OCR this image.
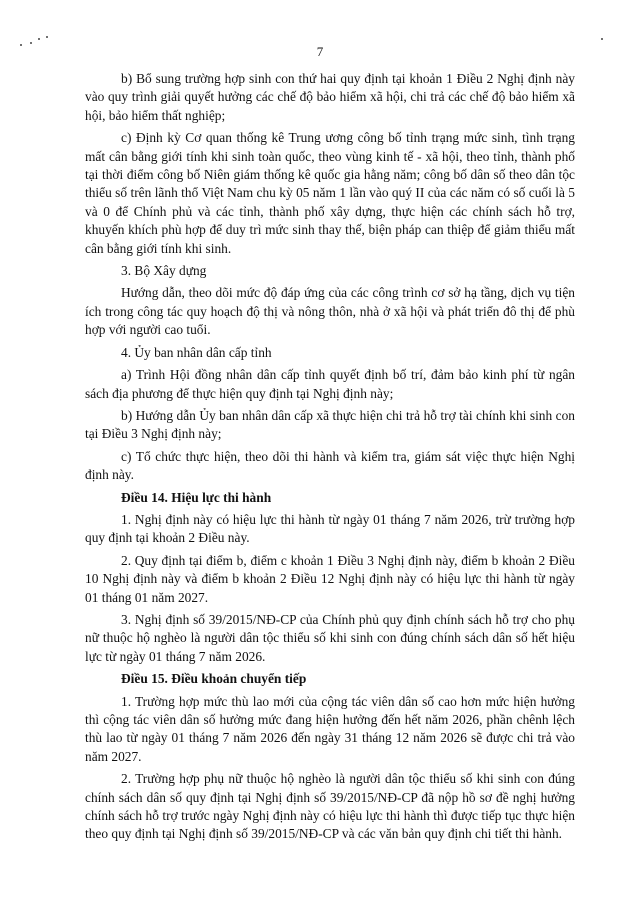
7

b) Bổ sung trường hợp sinh con thứ hai quy định tại khoản 1 Điều 2 Nghị định này vào quy trình giải quyết hưởng các chế độ bảo hiểm xã hội, chi trả các chế độ bảo hiểm xã hội, bảo hiểm thất nghiệp;

c) Định kỳ Cơ quan thống kê Trung ương công bố tỉnh trạng mức sinh, tình trạng mất cân bằng giới tính khi sinh toàn quốc, theo vùng kinh tế - xã hội, theo tỉnh, thành phố tại thời điểm công bố Niên giám thống kê quốc gia hằng năm; công bố dân số theo dân tộc thiểu số trên lãnh thổ Việt Nam chu kỳ 05 năm 1 lần vào quý II của các năm có số cuối là 5 và 0 để Chính phủ và các tỉnh, thành phố xây dựng, thực hiện các chính sách hỗ trợ, khuyến khích phù hợp để duy trì mức sinh thay thế, biện pháp can thiệp để giảm thiểu mất cân bằng giới tính khi sinh.

3. Bộ Xây dựng

Hướng dẫn, theo dõi mức độ đáp ứng của các công trình cơ sở hạ tầng, dịch vụ tiện ích trong công tác quy hoạch độ thị và nông thôn, nhà ở xã hội và phát triển đô thị để phù hợp với người cao tuổi.

4. Ủy ban nhân dân cấp tỉnh

a) Trình Hội đồng nhân dân cấp tỉnh quyết định bố trí, đảm bảo kinh phí từ ngân sách địa phương để thực hiện quy định tại Nghị định này;

b) Hướng dẫn Ủy ban nhân dân cấp xã thực hiện chi trả hỗ trợ tài chính khi sinh con tại Điều 3 Nghị định này;

c) Tổ chức thực hiện, theo dõi thi hành và kiểm tra, giám sát việc thực hiện Nghị định này.

Điều 14. Hiệu lực thi hành

1. Nghị định này có hiệu lực thi hành từ ngày 01 tháng 7 năm 2026, trừ trường hợp quy định tại khoản 2 Điều này.

2. Quy định tại điểm b, điểm c khoản 1 Điều 3 Nghị định này, điểm b khoản 2 Điều 10 Nghị định này và điểm b khoản 2 Điều 12 Nghị định này có hiệu lực thi hành từ ngày 01 tháng 01 năm 2027.

3. Nghị định số 39/2015/NĐ-CP của Chính phủ quy định chính sách hỗ trợ cho phụ nữ thuộc hộ nghèo là người dân tộc thiểu số khi sinh con đúng chính sách dân số hết hiệu lực từ ngày 01 tháng 7 năm 2026.

Điều 15. Điều khoản chuyển tiếp

1. Trường hợp mức thù lao mới của cộng tác viên dân số cao hơn mức hiện hưởng thì cộng tác viên dân số hưởng mức đang hiện hưởng đến hết năm 2026, phần chênh lệch thù lao từ ngày 01 tháng 7 năm 2026 đến ngày 31 tháng 12 năm 2026 sẽ được chi trả vào năm 2027.

2. Trường hợp phụ nữ thuộc hộ nghèo là người dân tộc thiểu số khi sinh con đúng chính sách dân số quy định tại Nghị định số 39/2015/NĐ-CP đã nộp hồ sơ đề nghị hưởng chính sách hỗ trợ trước ngày Nghị định này có hiệu lực thi hành thì được tiếp tục thực hiện theo quy định tại Nghị định số 39/2015/NĐ-CP và các văn bản quy định chi tiết thi hành.
